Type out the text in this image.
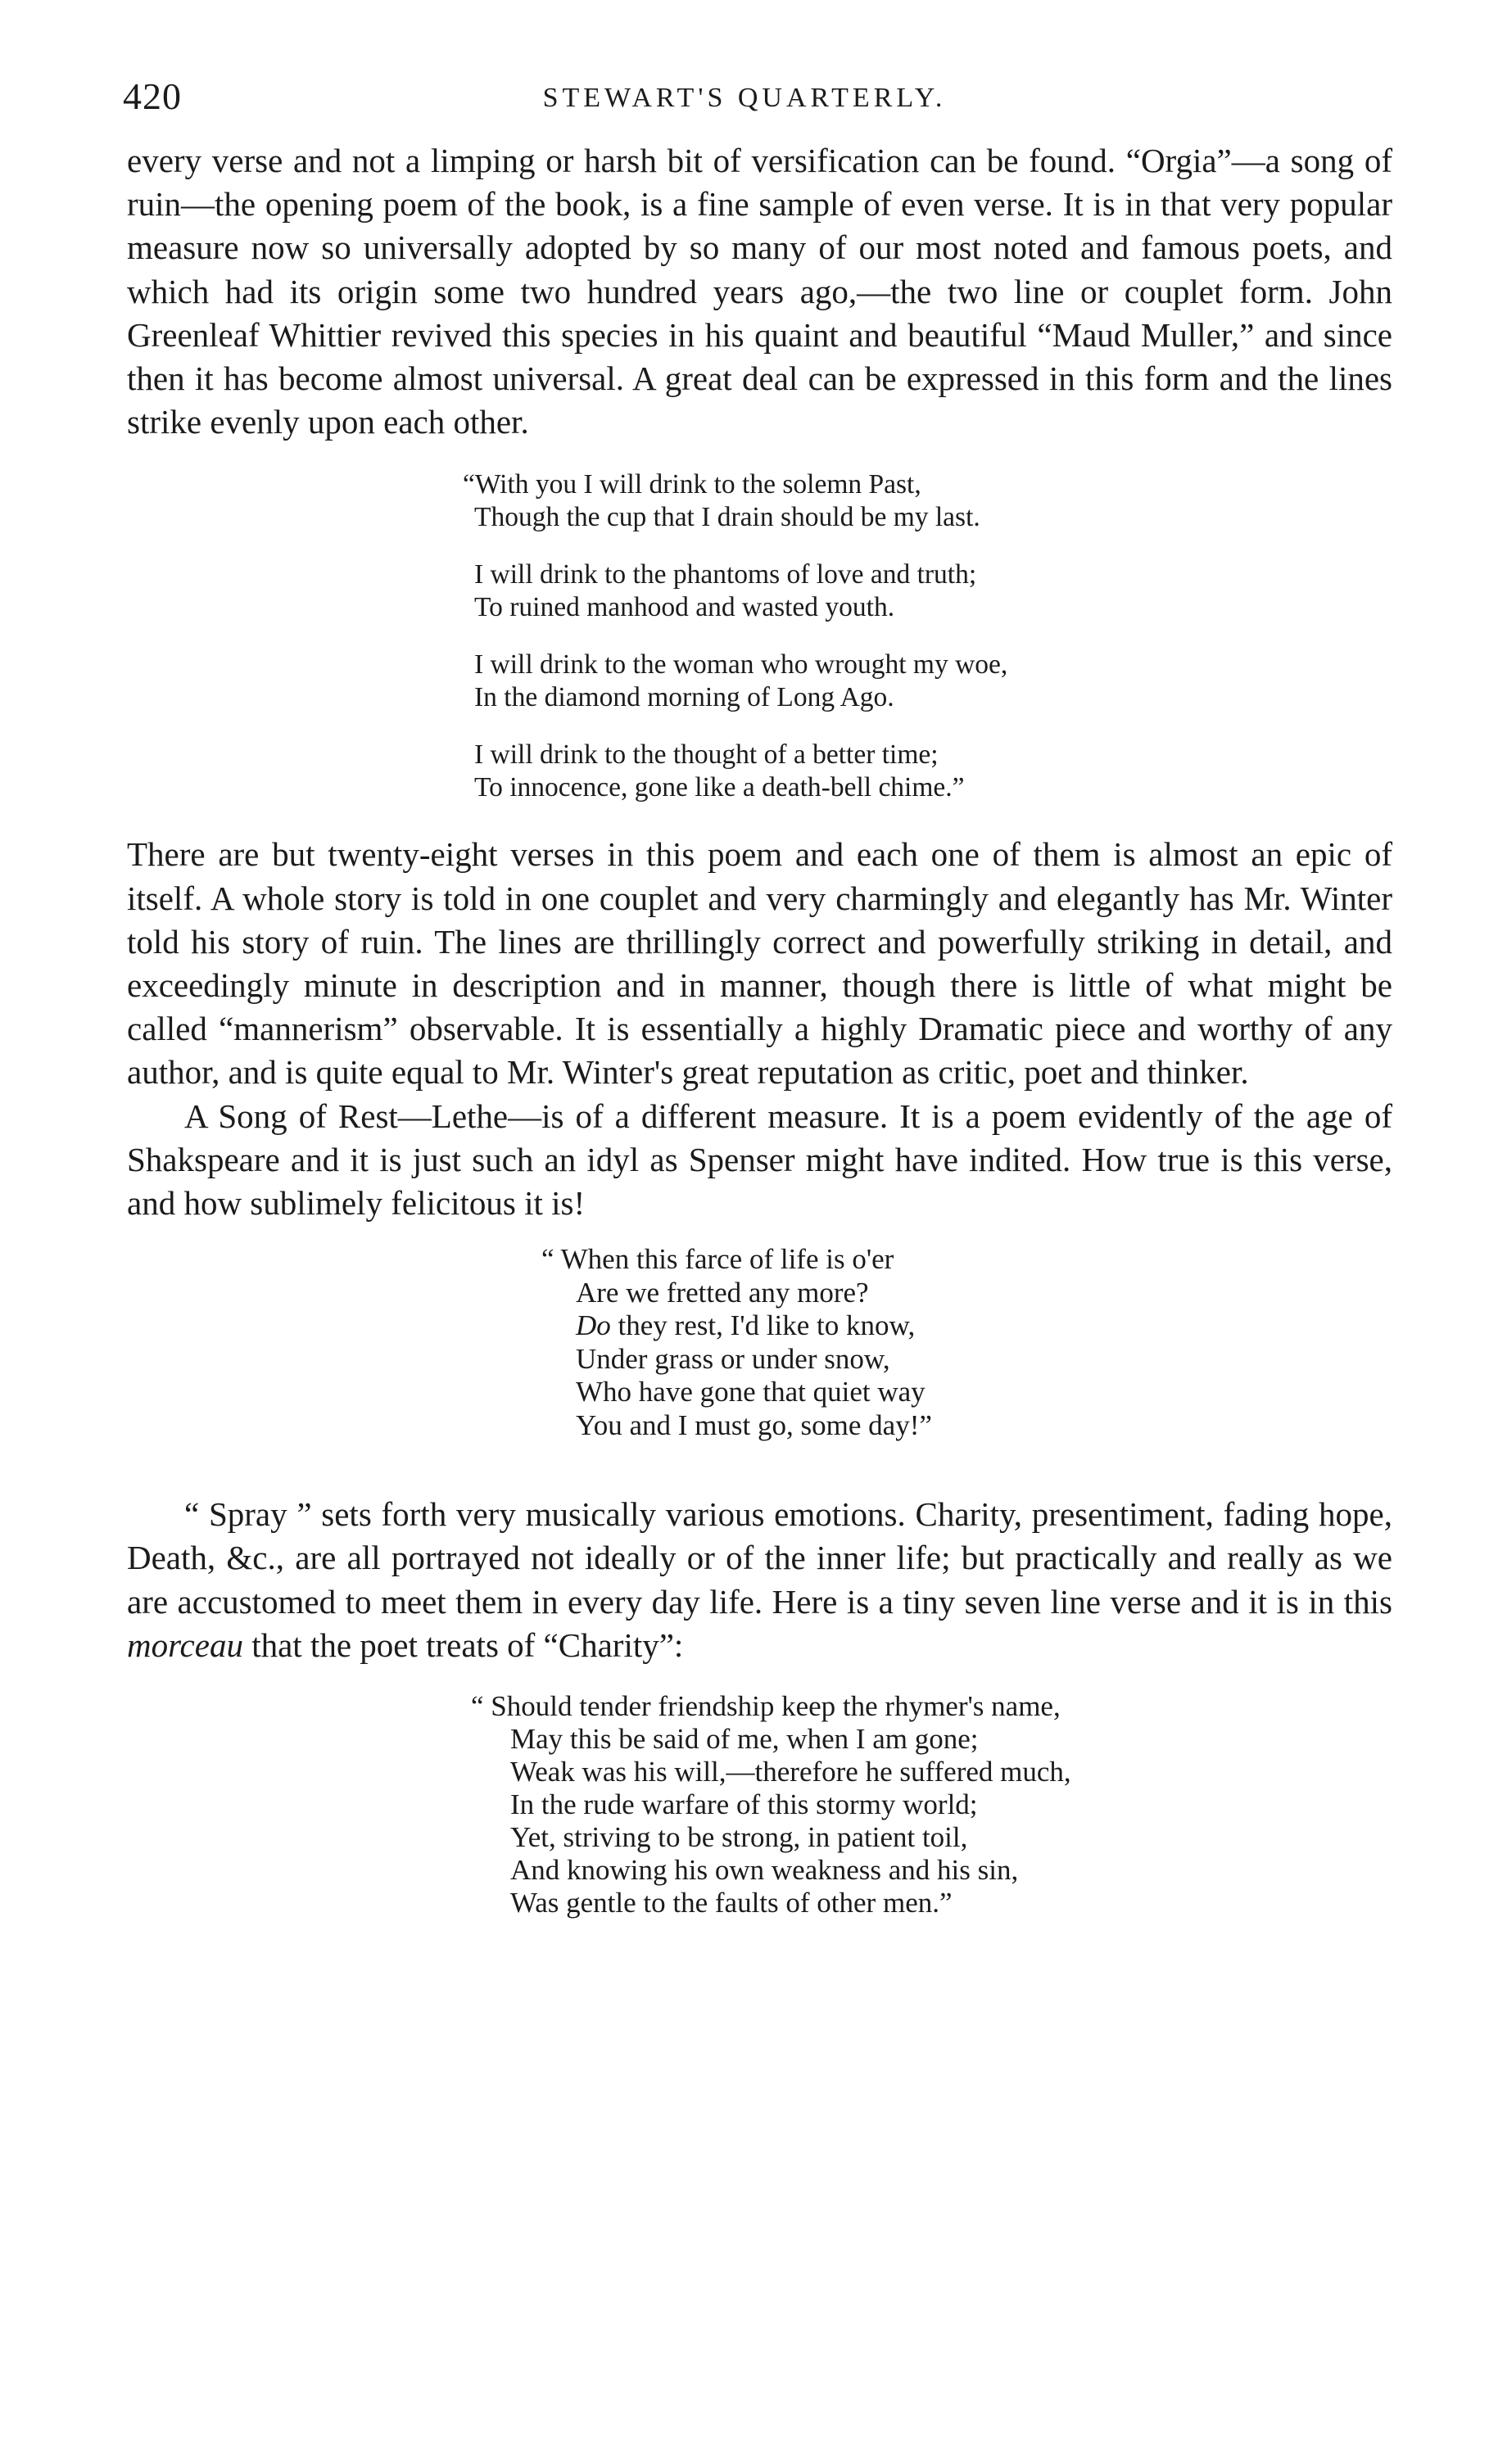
420	STEWART'S QUARTERLY.

every verse and not a limping or harsh bit of versification can be found. “Orgia”—a song of ruin—the opening poem of the book, is a fine sample of even verse. It is in that very popular measure now so universally adopted by so many of our most noted and famous poets, and which had its origin some two hundred years ago,—the two line or couplet form. John Greenleaf Whittier revived this species in his quaint and beautiful “Maud Muller,” and since then it has become almost universal. A great deal can be expressed in this form and the lines strike evenly upon each other.

“With you I will drink to the solemn Past,
Though the cup that I drain should be my last.
I will drink to the phantoms of love and truth;
To ruined manhood and wasted youth.
I will drink to the woman who wrought my woe,
In the diamond morning of Long Ago.
I will drink to the thought of a better time;
To innocence, gone like a death-bell chime.”

There are but twenty-eight verses in this poem and each one of them is almost an epic of itself. A whole story is told in one couplet and very charmingly and elegantly has Mr. Winter told his story of ruin. The lines are thrillingly correct and powerfully striking in detail, and exceedingly minute in description and in manner, though there is little of what might be called “mannerism” observable. It is essentially a highly Dramatic piece and worthy of any author, and is quite equal to Mr. Winter's great reputation as critic, poet and thinker.

A Song of Rest—Lethe—is of a different measure. It is a poem evidently of the age of Shakspeare and it is just such an idyl as Spenser might have indited. How true is this verse, and how sublimely felicitous it is!

“ When this farce of life is o'er
Are we fretted any more?
Do they rest, I'd like to know,
Under grass or under snow,
Who have gone that quiet way
You and I must go, some day!”

“ Spray ” sets forth very musically various emotions. Charity, presentiment, fading hope, Death, &c., are all portrayed not ideally or of the inner life; but practically and really as we are accustomed to meet them in every day life. Here is a tiny seven line verse and it is in this morceau that the poet treats of “Charity”:

“ Should tender friendship keep the rhymer's name,
May this be said of me, when I am gone;
Weak was his will,—therefore he suffered much,
In the rude warfare of this stormy world;
Yet, striving to be strong, in patient toil,
And knowing his own weakness and his sin,
Was gentle to the faults of other men.”
